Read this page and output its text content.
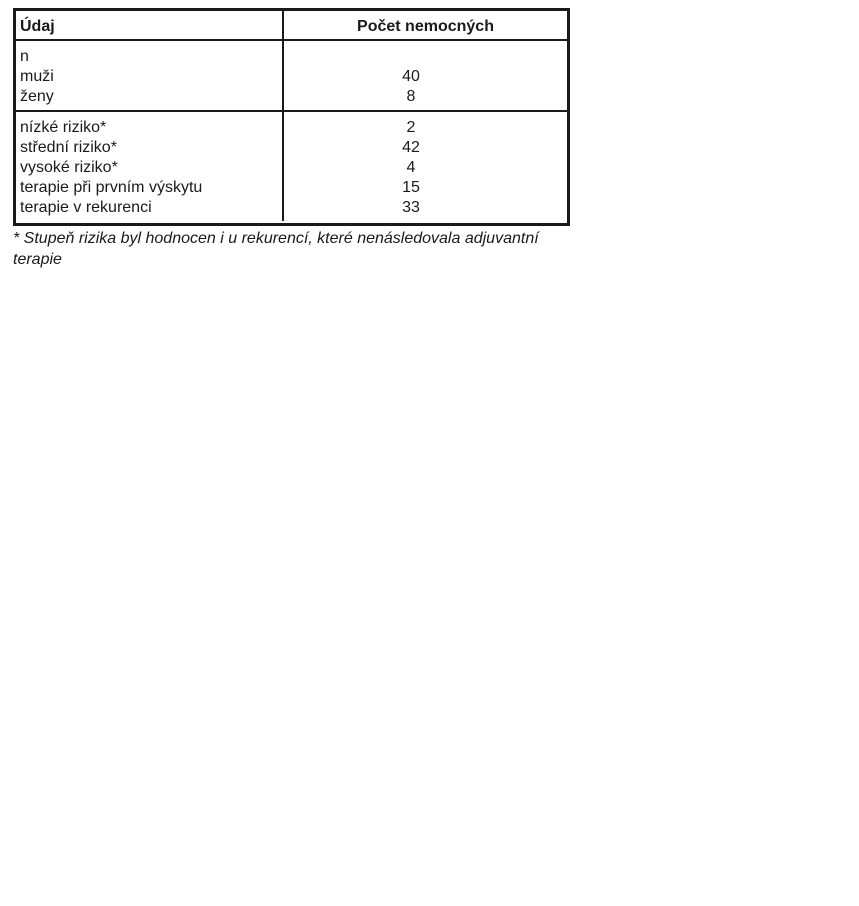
Údaj	Počet nemocných
n
muži	40
ženy	8
nízké riziko*	2
střední riziko*	42
vysoké riziko*	4
terapie při prvním výskytu	15
terapie v rekurenci	33
* Stupeň rizika byl hodnocen i u rekurencí, které nenásledovala adjuvantní terapie
